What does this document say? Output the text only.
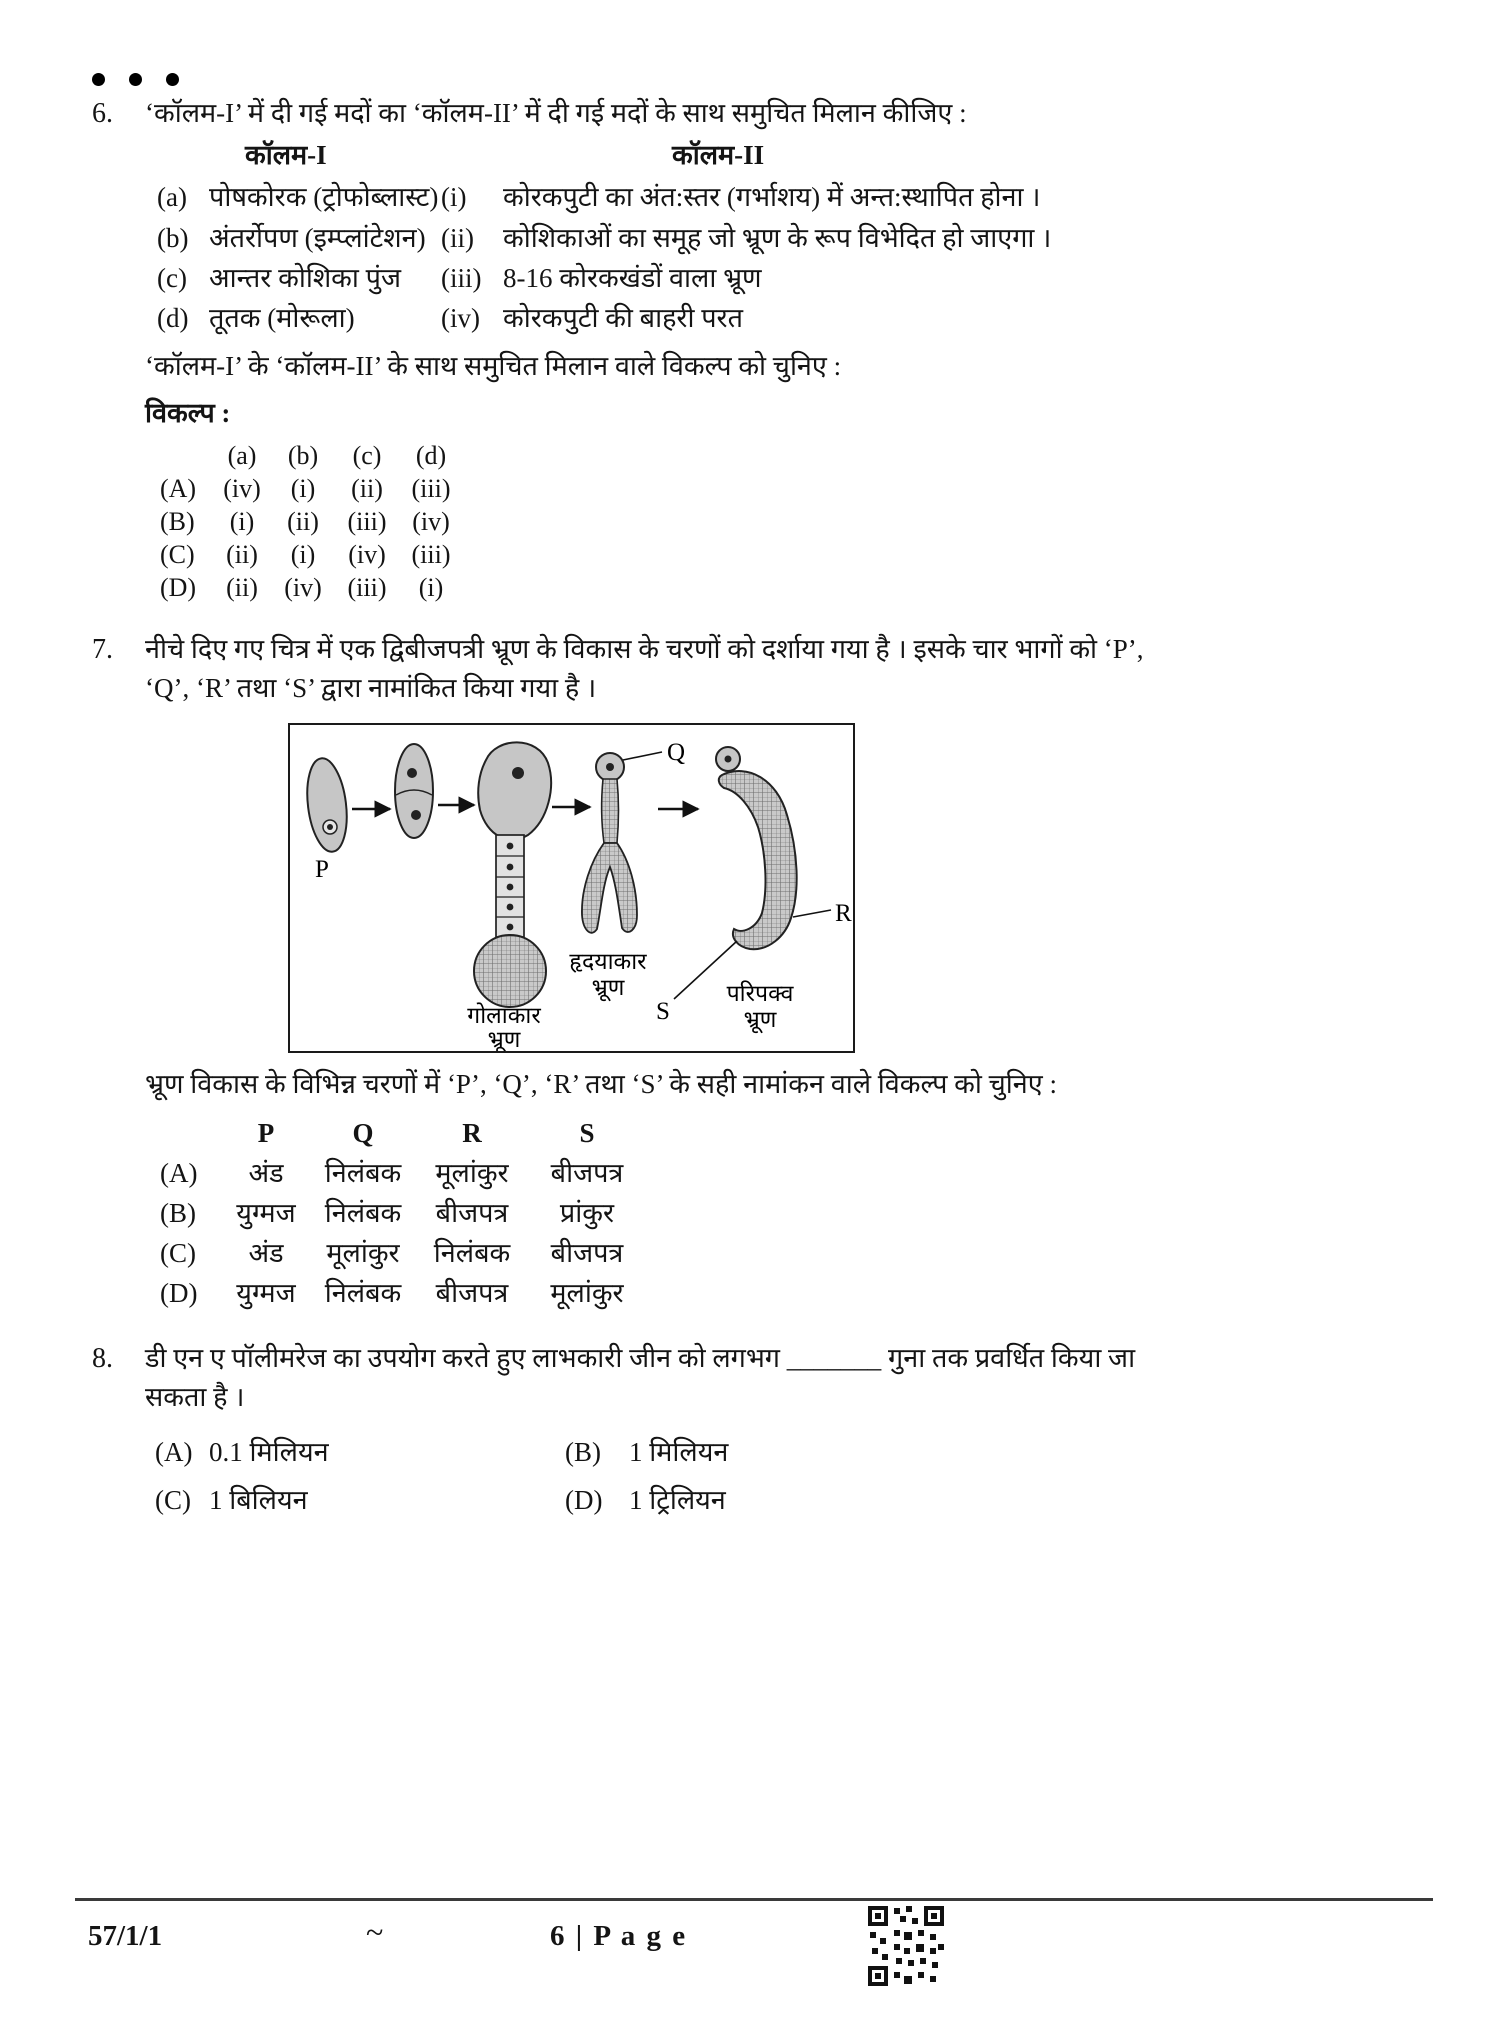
6.	‘कॉलम-I’ में दी गई मदों का ‘कॉलम-II’ में दी गई मदों के साथ समुचित मिलान कीजिए :
कॉलम-I	कॉलम-II
(a) पोषकोरक (ट्रोफोब्लास्ट) (i)	कोरकपुटी का अंत:स्तर (गर्भाशय) में अन्त:स्थापित होना ।
(b) अंतर्रोपण (इम्प्लांटेशन) (ii)	कोशिकाओं का समूह जो भ्रूण के रूप विभेदित हो जाएगा ।
(c) आन्तर कोशिका पुंज	(iii) 8-16 कोरकखंडों वाला भ्रूण
(d) तूतक (मोरूला)	(iv) कोरकपुटी की बाहरी परत
‘कॉलम-I’ के ‘कॉलम-II’ के साथ समुचित मिलान वाले विकल्प को चुनिए :
विकल्प :
(a)	(b)	(c)	(d)
(A)	(iv)	(i)	(ii)	(iii)
(B)	(i)	(ii)	(iii) (iv)
(C)	(ii)	(i)	(iv) (iii)
(D)	(ii)	(iv) (iii)	(i)
7.	नीचे दिए गए चित्र में एक द्विबीजपत्री भ्रूण के विकास के चरणों को दर्शाया गया है । इसके चार भागों को ‘P’,
‘Q’, ‘R’ तथा ‘S’ द्वारा नामांकित किया गया है ।
P
गोलाकार
भ्रूण
Q
हृदयाकार
भ्रूण
R
S
परिपक्व
भ्रूण
भ्रूण विकास के विभिन्न चरणों में ‘P’, ‘Q’, ‘R’ तथा ‘S’ के सही नामांकन वाले विकल्प को चुनिए :
P	Q	R	S
(A)	अंड	निलंबक	मूलांकुर	बीजपत्र
(B)	युग्मज	निलंबक	बीजपत्र	प्रांकुर
(C)	अंड	मूलांकुर	निलंबक	बीजपत्र
(D)	युग्मज	निलंबक	बीजपत्र	मूलांकुर
8.	डी एन ए पॉलीमरेज का उपयोग करते हुए लाभकारी जीन को लगभग _______ गुना तक प्रवर्धित किया जा
सकता है ।
(A) 0.1 मिलियन	(B)	1 मिलियन
(C) 1 बिलियन	(D) 1 ट्रिलियन
57/1/1	~	6 | P a g e
